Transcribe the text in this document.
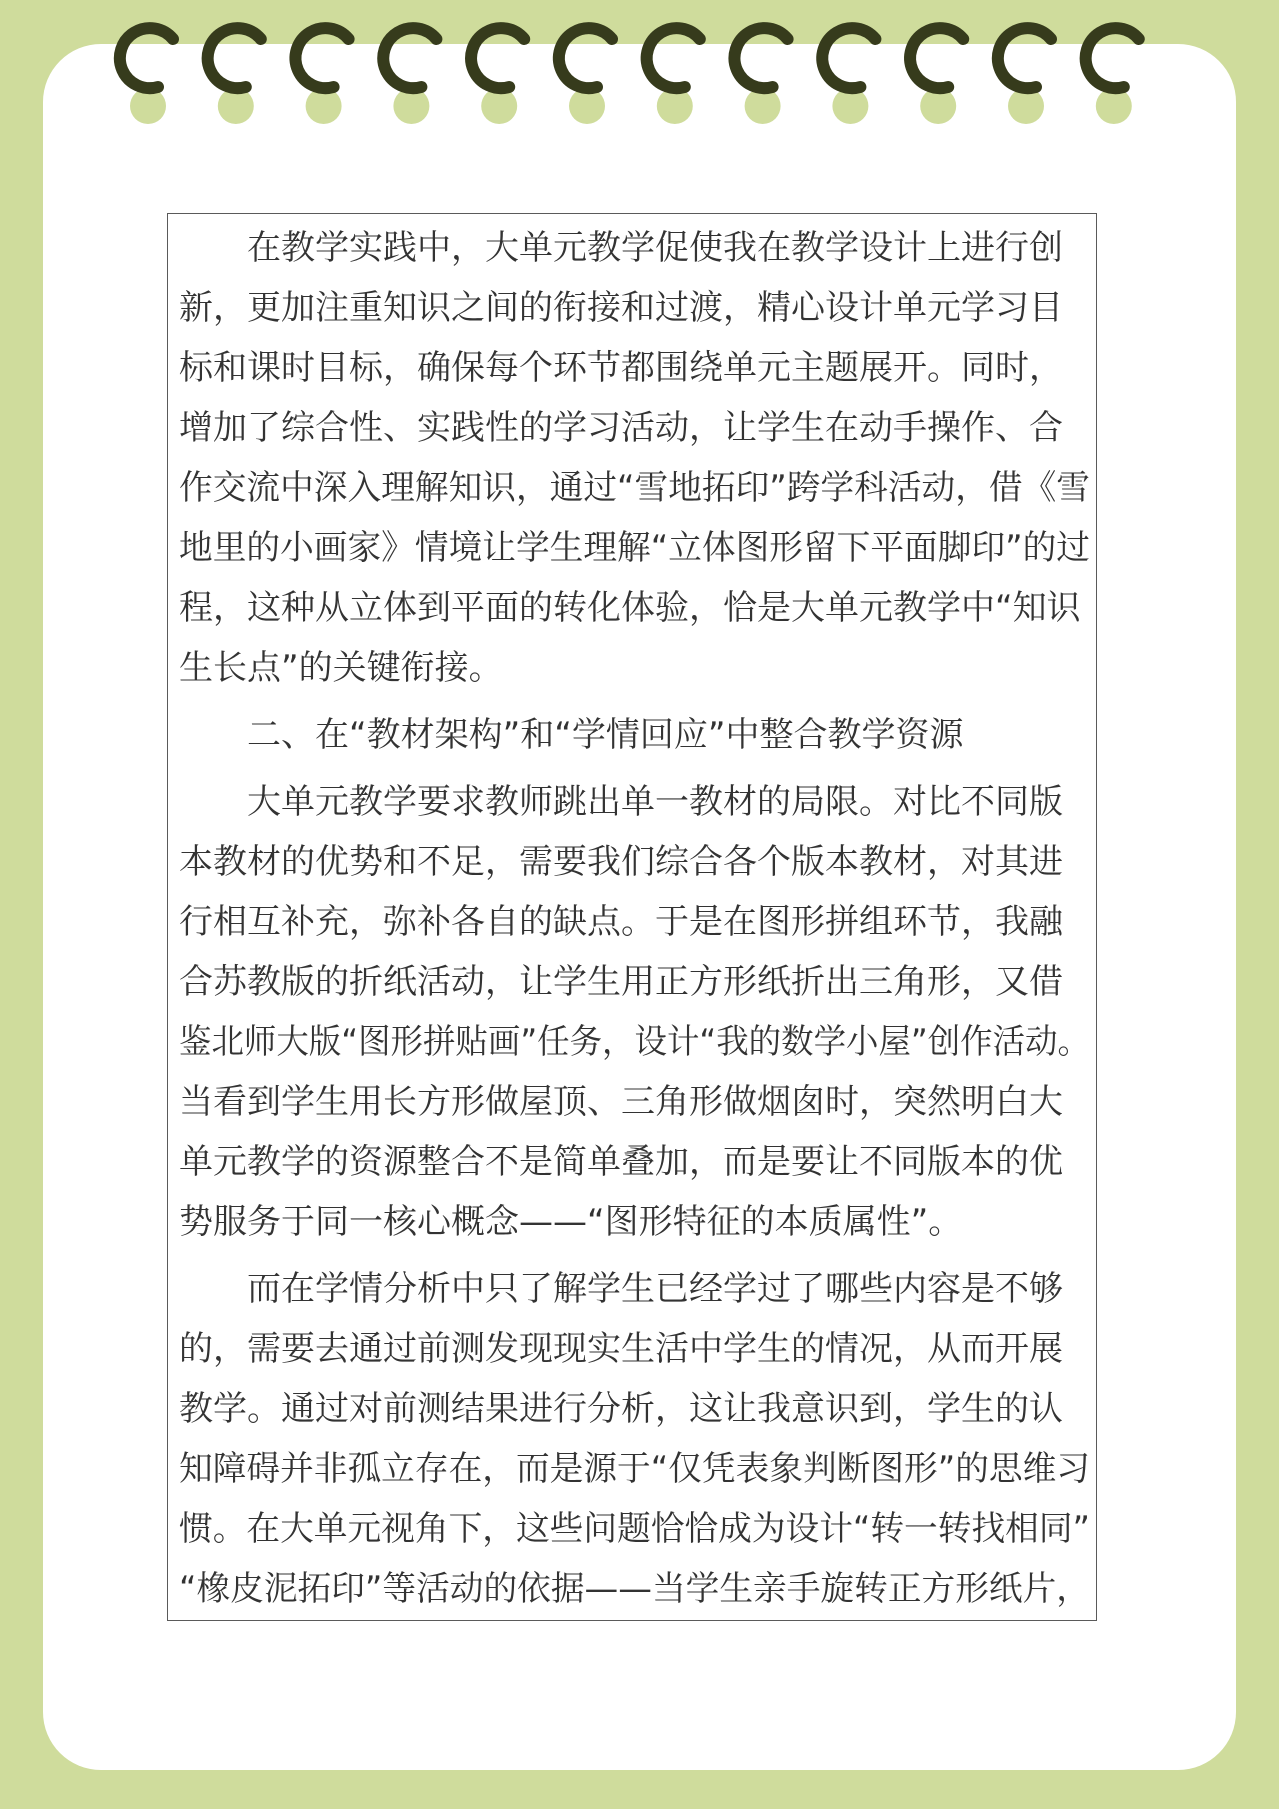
在教学实践中，大单元教学促使我在教学设计上进行创
新，更加注重知识之间的衔接和过渡，精心设计单元学习目
标和课时目标，确保每个环节都围绕单元主题展开。同时，
增加了综合性、实践性的学习活动，让学生在动手操作、合
作交流中深入理解知识，通过“雪地拓印”跨学科活动，借《雪
地里的小画家》情境让学生理解“立体图形留下平面脚印”的过
程，这种从立体到平面的转化体验，恰是大单元教学中“知识
生长点”的关键衔接。
二、在“教材架构”和“学情回应”中整合教学资源
大单元教学要求教师跳出单一教材的局限。对比不同版
本教材的优势和不足，需要我们综合各个版本教材，对其进
行相互补充，弥补各自的缺点。于是在图形拼组环节，我融
合苏教版的折纸活动，让学生用正方形纸折出三角形，又借
鉴北师大版“图形拼贴画”任务，设计“我的数学小屋”创作活动。
当看到学生用长方形做屋顶、三角形做烟囱时，突然明白大
单元教学的资源整合不是简单叠加，而是要让不同版本的优
势服务于同一核心概念——“图形特征的本质属性”。
而在学情分析中只了解学生已经学过了哪些内容是不够
的，需要去通过前测发现现实生活中学生的情况，从而开展
教学。通过对前测结果进行分析，这让我意识到，学生的认
知障碍并非孤立存在，而是源于“仅凭表象判断图形”的思维习
惯。在大单元视角下，这些问题恰恰成为设计“转一转找相同”
“橡皮泥拓印”等活动的依据——当学生亲手旋转正方形纸片，
